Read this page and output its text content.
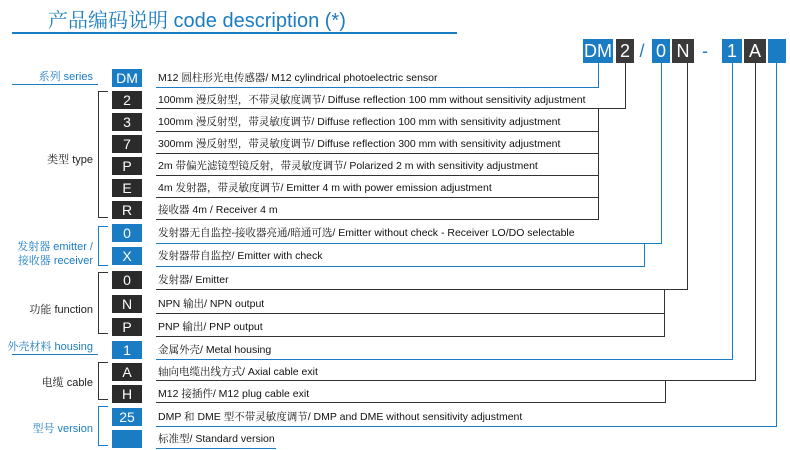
产品编码说明 code description (*)
DM 2 / 0 N - 1 A
系列 series
类型 type
发射器 emitter /
接收器 receiver
功能 function
外壳材料 housing
电缆 cable
型号 version
DM
2
3
7
P
E
R
0
X
0
N
P
1
A
H
25
M12 圆柱形光电传感器/ M12 cylindrical photoelectric sensor
100mm 漫反射型，不带灵敏度调节/ Diffuse reflection 100 mm without sensitivity adjustment
100mm 漫反射型，带灵敏度调节/ Diffuse reflection 100 mm with sensitivity adjustment
300mm 漫反射型，带灵敏度调节/ Diffuse reflection 300 mm with sensitivity adjustment
2m 带偏光滤镜型镜反射，带灵敏度调节/ Polarized 2 m with sensitivity adjustment
4m 发射器，带灵敏度调节/ Emitter 4 m with power emission adjustment
接收器 4m / Receiver 4 m
发射器无自监控-接收器亮通/暗通可选/ Emitter without check - Receiver LO/DO selectable
发射器带自监控/ Emitter with check
发射器/ Emitter
NPN 输出/ NPN output
PNP 输出/ PNP output
金属外壳/ Metal housing
轴向电缆出线方式/ Axial cable exit
M12 接插件/ M12 plug cable exit
DMP 和 DME 型不带灵敏度调节/ DMP and DME without sensitivity adjustment
标准型/ Standard version
